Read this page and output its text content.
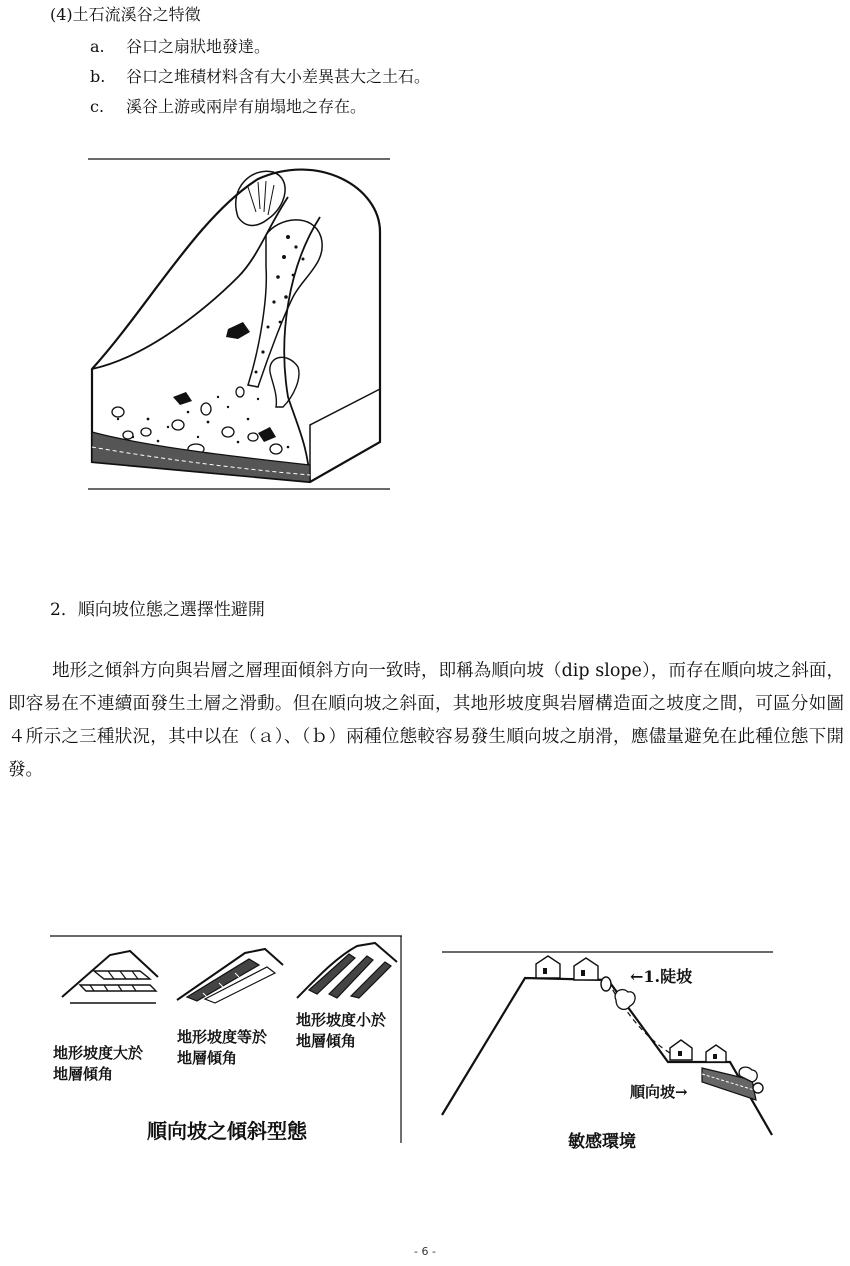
(4)土石流溪谷之特徵
a. 谷口之扇狀地發達。
b. 谷口之堆積材料含有大小差異甚大之土石。
c. 溪谷上游或兩岸有崩塌地之存在。
2．順向坡位態之選擇性避開
地形之傾斜方向與岩層之層理面傾斜方向一致時，即稱為順向坡（dip slope），而存在順向坡之斜面，即容易在不連續面發生土層之滑動。但在順向坡之斜面，其地形坡度與岩層構造面之坡度之間，可區分如圖４所示之三種狀況，其中以在（ａ）、（ｂ）兩種位態較容易發生順向坡之崩滑，應儘量避免在此種位態下開發。
地形坡度大於
地層傾角
地形坡度等於
地層傾角
地形坡度小於
地層傾角
順向坡之傾斜型態
←1.陡坡
順向坡→
敏感環境
- 6 -
